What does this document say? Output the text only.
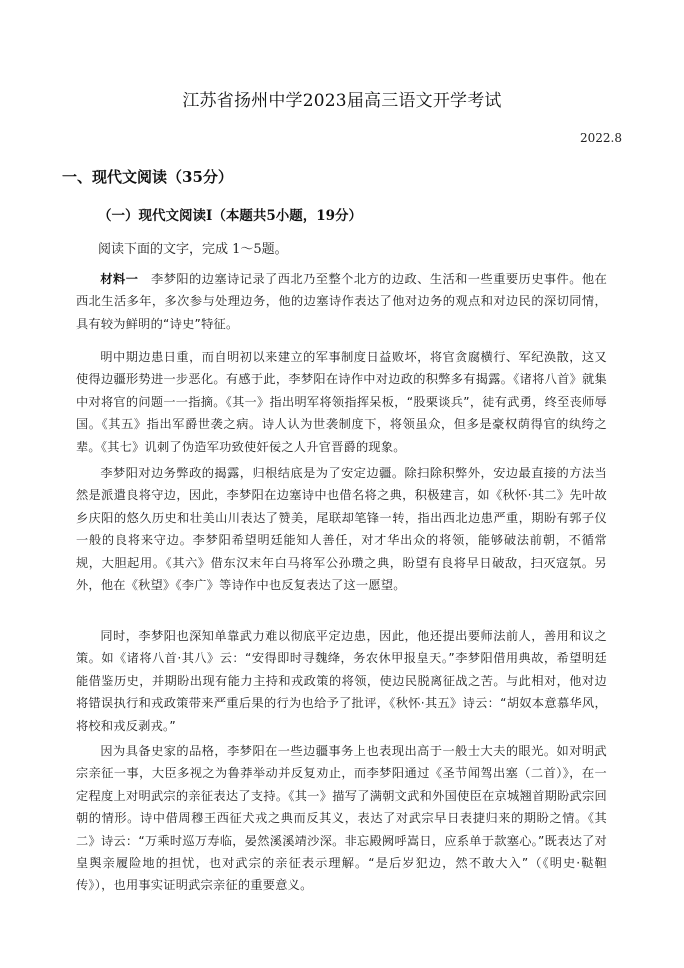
江苏省扬州中学2023届高三语文开学考试
2022.8
一、现代文阅读（35分）
（一）现代文阅读Ⅰ（本题共5小题，19分）
阅读下面的文字，完成 1～5题。

材料一　 李梦阳的边塞诗记录了西北乃至整个北方的边政、生活和一些重要历史事件。他在西北生活多年，多次参与处理边务，他的边塞诗作表达了他对边务的观点和对边民的深切同情，具有较为鲜明的“诗史”特征。

明中期边患日重，而自明初以来建立的军事制度日益败坏，将官贪腐横行、军纪涣散，这又使得边疆形势进一步恶化。有感于此，李梦阳在诗作中对边政的积弊多有揭露。《诸将八首》就集中对将官的问题一一指摘。《其一》指出明军将领指挥呆板，“股栗谈兵”，徒有武勇，终至丧师辱国。《其五》指出军爵世袭之病。诗人认为世袭制度下，将领虽众，但多是豪权荫得官的纨绔之辈。《其七》讥刺了伪造军功致使奸佞之人升官晋爵的现象。

李梦阳对边务弊政的揭露，归根结底是为了安定边疆。除扫除积弊外，安边最直接的方法当然是派遣良将守边，因此，李梦阳在边塞诗中也借名将之典，积极建言，如《秋怀·其二》先叶故乡庆阳的悠久历史和壮美山川表达了赞美，尾联却笔锋一转，指出西北边患严重，期盼有郭子仪一般的良将来守边。李梦阳希望明廷能知人善任，对才华出众的将领，能够破法前朝，不循常规，大胆起用。《其六》借东汉末年白马将军公孙瓒之典，盼望有良将早日破敌，扫灭寇氛。另外，他在《秋望》《李广》等诗作中也反复表达了这一愿望。

同时，李梦阳也深知单靠武力难以彻底平定边患，因此，他还提出要师法前人，善用和议之策。如《诸将八首·其八》云：“安得即时寻魏绛，务农休甲报皇天。”李梦阳借用典故，希望明廷能借鉴历史，并期盼出现有能力主持和戎政策的将领，使边民脱离征战之苦。与此相对，他对边将错误执行和戎政策带来严重后果的行为也给予了批评，《秋怀·其五》诗云：“胡奴本意慕华风，将校和戎反剥戎。”

因为具备史家的品格，李梦阳在一些边疆事务上也表现出高于一般士大夫的眼光。如对明武宗亲征一事，大臣多视之为鲁莽举动并反复劝止，而李梦阳通过《圣节闻驾出塞（二首）》，在一定程度上对明武宗的亲征表达了支持。《其一》描写了满朝文武和外国使臣在京城翘首期盼武宗回朝的情形。诗中借周穆王西征犬戎之典而反其义，表达了对武宗早日表捷归来的期盼之情。《其二》诗云：“万乘时巡万寿临，晏然溪溪靖沙深。非忘殿阙呼嵩日，应系单于款塞心。”既表达了对皇舆亲履险地的担忧，也对武宗的亲征表示理解。“是后岁犯边，然不敢大入”（《明史·鞑靼传》），也用事实证明武宗亲征的重要意义。
